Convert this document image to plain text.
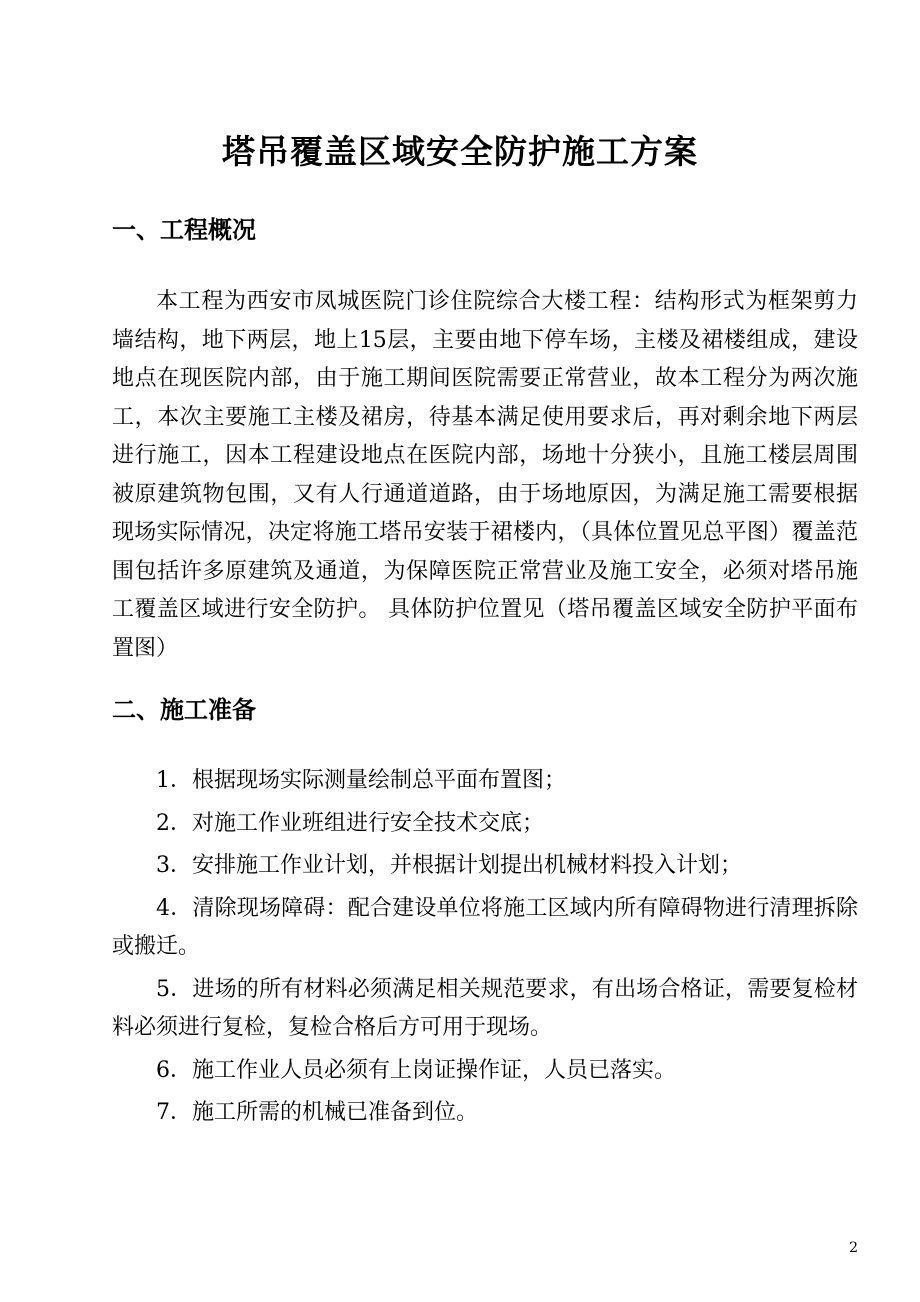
塔吊覆盖区域安全防护施工方案
一、工程概况

本工程为西安市凤城医院门诊住院综合大楼工程：结构形式为框架剪力墙结构，地下两层，地上15层，主要由地下停车场，主楼及裙楼组成，建设地点在现医院内部，由于施工期间医院需要正常营业，故本工程分为两次施工，本次主要施工主楼及裙房，待基本满足使用要求后，再对剩余地下两层进行施工，因本工程建设地点在医院内部，场地十分狭小，且施工楼层周围被原建筑物包围，又有人行通道道路，由于场地原因，为满足施工需要根据现场实际情况，决定将施工塔吊安装于裙楼内，（具体位置见总平图）覆盖范围包括许多原建筑及通道，为保障医院正常营业及施工安全，必须对塔吊施工覆盖区域进行安全防护。 具体防护位置见（塔吊覆盖区域安全防护平面布置图）

二、施工准备
1．根据现场实际测量绘制总平面布置图；
2．对施工作业班组进行安全技术交底；
3．安排施工作业计划，并根据计划提出机械材料投入计划；
4．清除现场障碍：配合建设单位将施工区域内所有障碍物进行清理拆除或搬迁。
5．进场的所有材料必须满足相关规范要求，有出场合格证，需要复检材料必须进行复检，复检合格后方可用于现场。
6．施工作业人员必须有上岗证操作证，人员已落实。
7．施工所需的机械已准备到位。
2
